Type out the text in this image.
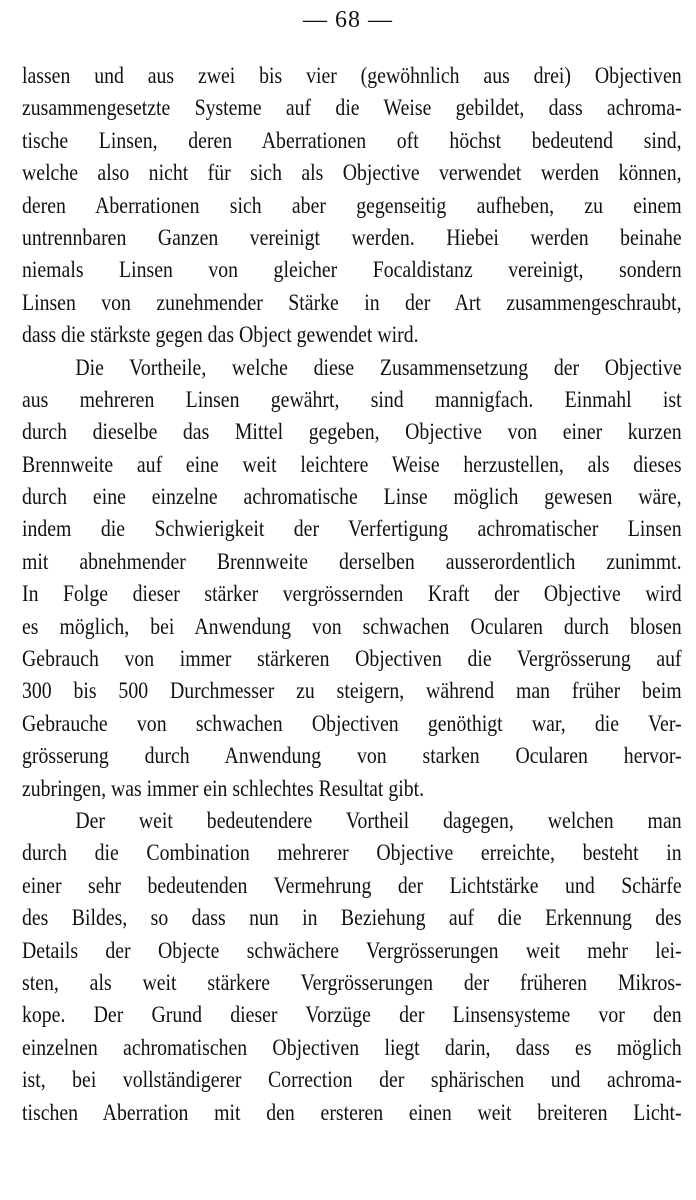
— 68 —
lassen und aus zwei bis vier (gewöhnlich aus drei) Objectiven
zusammengesetzte Systeme auf die Weise gebildet, dass achroma-
tische Linsen, deren Aberrationen oft höchst bedeutend sind,
welche also nicht für sich als Objective verwendet werden können,
deren Aberrationen sich aber gegenseitig aufheben, zu einem
untrennbaren Ganzen vereinigt werden. Hiebei werden beinahe
niemals Linsen von gleicher Focaldistanz vereinigt, sondern
Linsen von zunehmender Stärke in der Art zusammengeschraubt,
dass die stärkste gegen das Object gewendet wird.
Die Vortheile, welche diese Zusammensetzung der Objective
aus mehreren Linsen gewährt, sind mannigfach. Einmahl ist
durch dieselbe das Mittel gegeben, Objective von einer kurzen
Brennweite auf eine weit leichtere Weise herzustellen, als dieses
durch eine einzelne achromatische Linse möglich gewesen wäre,
indem die Schwierigkeit der Verfertigung achromatischer Linsen
mit abnehmender Brennweite derselben ausserordentlich zunimmt.
In Folge dieser stärker vergrössernden Kraft der Objective wird
es möglich, bei Anwendung von schwachen Ocularen durch blosen
Gebrauch von immer stärkeren Objectiven die Vergrösserung auf
300 bis 500 Durchmesser zu steigern, während man früher beim
Gebrauche von schwachen Objectiven genöthigt war, die Ver-
grösserung durch Anwendung von starken Ocularen hervor-
zubringen, was immer ein schlechtes Resultat gibt.
Der weit bedeutendere Vortheil dagegen, welchen man
durch die Combination mehrerer Objective erreichte, besteht in
einer sehr bedeutenden Vermehrung der Lichtstärke und Schärfe
des Bildes, so dass nun in Beziehung auf die Erkennung des
Details der Objecte schwächere Vergrösserungen weit mehr lei-
sten, als weit stärkere Vergrösserungen der früheren Mikros-
kope. Der Grund dieser Vorzüge der Linsensysteme vor den
einzelnen achromatischen Objectiven liegt darin, dass es möglich
ist, bei vollständigerer Correction der sphärischen und achroma-
tischen Aberration mit den ersteren einen weit breiteren Licht-
